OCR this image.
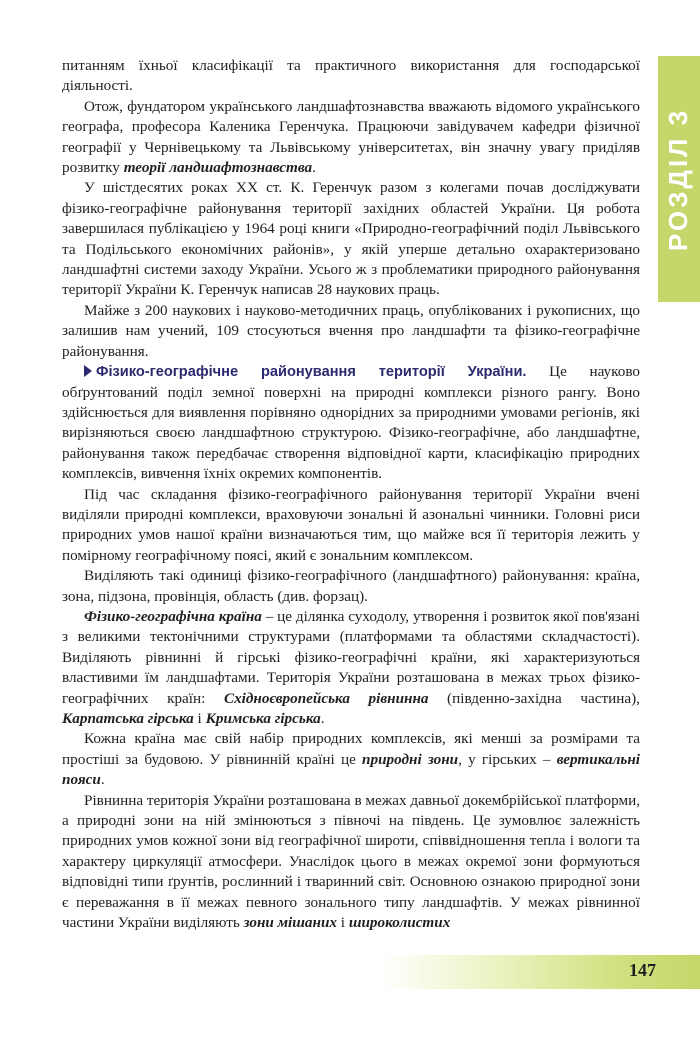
питанням їхньої класифікації та практичного використання для господарської діяльності.

Отож, фундатором українського ландшафтознавства вважають відомого українського географа, професора Каленика Геренчука. Працюючи завідувачем кафедри фізичної географії у Чернівецькому та Львівському університетах, він значну увагу приділяв розвитку теорії ландшафтознавства.

У шістдесятих роках XX ст. К. Геренчук разом з колегами почав досліджувати фізико-географічне районування території західних областей України. Ця робота завершилася публікацією у 1964 році книги «Природно-географічний поділ Львівського та Подільського економічних районів», у якій уперше детально охарактеризовано ландшафтні системи заходу України. Усього ж з проблематики природного районування території України К. Геренчук написав 28 наукових праць.

Майже з 200 наукових і науково-методичних праць, опублікованих і рукописних, що залишив нам учений, 109 стосуються вчення про ландшафти та фізико-географічне районування.

Фізико-географічне районування території України. Це науково обґрунтований поділ земної поверхні на природні комплекси різного рангу. Воно здійснюється для виявлення порівняно однорідних за природними умовами регіонів, які вирізняються своєю ландшафтною структурою. Фізико-географічне, або ландшафтне, районування також передбачає створення відповідної карти, класифікацію природних комплексів, вивчення їхніх окремих компонентів.

Під час складання фізико-географічного районування території України вчені виділяли природні комплекси, враховуючи зональні й азональні чинники. Головні риси природних умов нашої країни визначаються тим, що майже вся її територія лежить у помірному географічному поясі, який є зональним комплексом.

Виділяють такі одиниці фізико-географічного (ландшафтного) районування: країна, зона, підзона, провінція, область (див. форзац).

Фізико-географічна країна – це ділянка суходолу, утворення і розвиток якої пов'язані з великими тектонічними структурами (платформами та областями складчастості). Виділяють рівнинні й гірські фізико-географічні країни, які характеризуються властивими їм ландшафтами. Територія України розташована в межах трьох фізико-географічних країн: Східноєвропейська рівнинна (південно-західна частина), Карпатська гірська і Кримська гірська.

Кожна країна має свій набір природних комплексів, які менші за розмірами та простіші за будовою. У рівнинній країні це природні зони, у гірських – вертикальні пояси.

Рівнинна територія України розташована в межах давньої докембрійської платформи, а природні зони на ній змінюються з півночі на південь. Це зумовлює залежність природних умов кожної зони від географічної широти, співвідношення тепла і вологи та характеру циркуляції атмосфери. Унаслідок цього в межах окремої зони формуються відповідні типи ґрунтів, рослинний і тваринний світ. Основною ознакою природної зони є переважання в її межах певного зонального типу ландшафтів. У межах рівнинної частини України виділяють зони мішаних і широколистих

РОЗДІЛ 3
147
